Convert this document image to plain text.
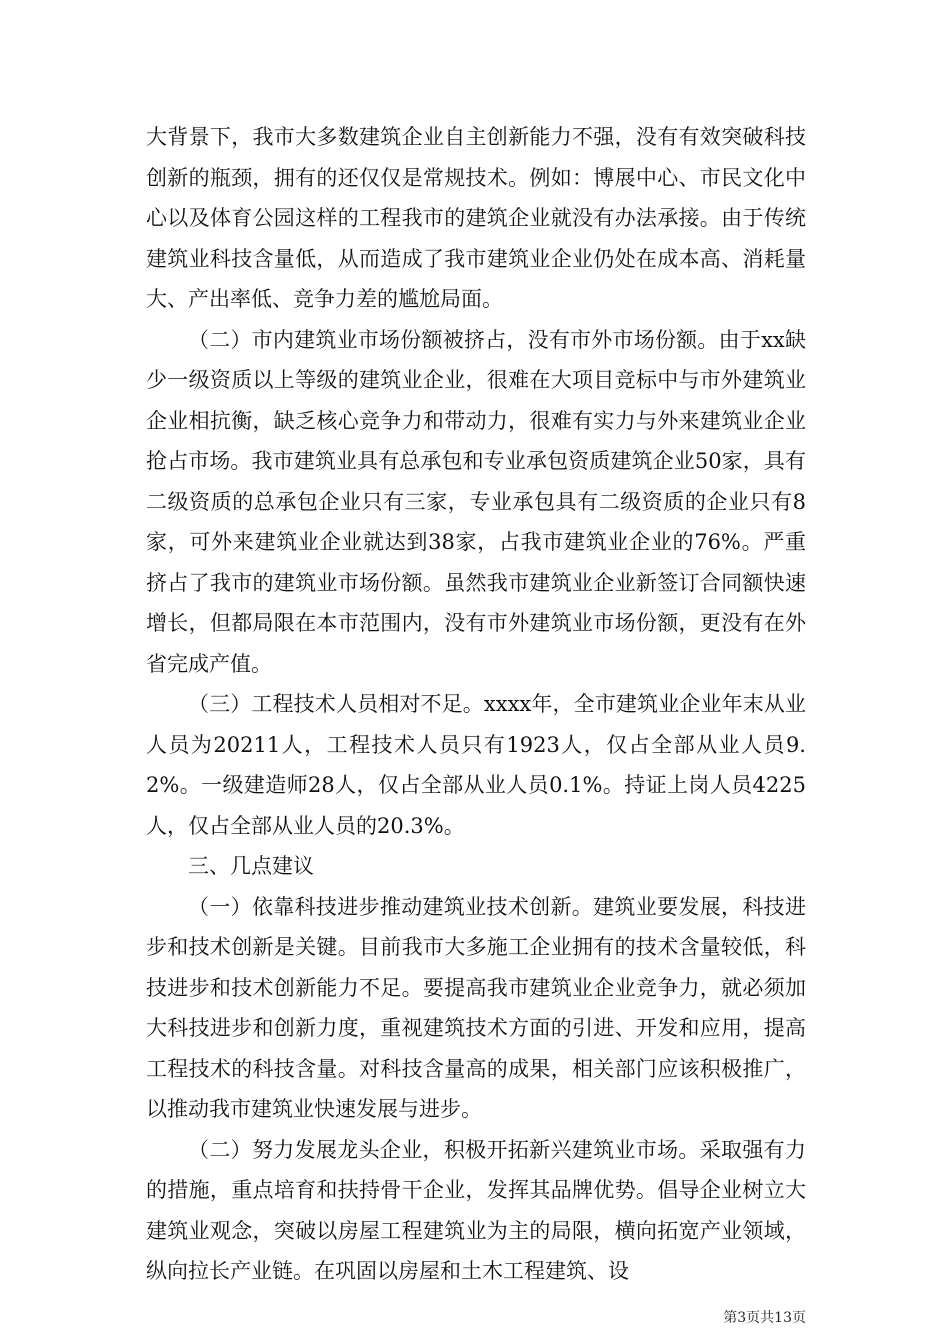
大背景下，我市大多数建筑企业自主创新能力不强，没有有效突破科技创新的瓶颈，拥有的还仅仅是常规技术。例如：博展中心、市民文化中心以及体育公园这样的工程我市的建筑企业就没有办法承接。由于传统建筑业科技含量低，从而造成了我市建筑业企业仍处在成本高、消耗量大、产出率低、竞争力差的尴尬局面。

（二）市内建筑业市场份额被挤占，没有市外市场份额。由于xx缺少一级资质以上等级的建筑业企业，很难在大项目竞标中与市外建筑业企业相抗衡，缺乏核心竞争力和带动力，很难有实力与外来建筑业企业抢占市场。我市建筑业具有总承包和专业承包资质建筑企业50家，具有二级资质的总承包企业只有三家，专业承包具有二级资质的企业只有8家，可外来建筑业企业就达到38家，占我市建筑业企业的76%。严重挤占了我市的建筑业市场份额。虽然我市建筑业企业新签订合同额快速增长，但都局限在本市范围内，没有市外建筑业市场份额，更没有在外省完成产值。

（三）工程技术人员相对不足。xxxx年，全市建筑业企业年末从业人员为20211人，工程技术人员只有1923人，仅占全部从业人员9.2%。一级建造师28人，仅占全部从业人员0.1%。持证上岗人员4225人，仅占全部从业人员的20.3%。

三、几点建议

（一）依靠科技进步推动建筑业技术创新。建筑业要发展，科技进步和技术创新是关键。目前我市大多施工企业拥有的技术含量较低，科技进步和技术创新能力不足。要提高我市建筑业企业竞争力，就必须加大科技进步和创新力度，重视建筑技术方面的引进、开发和应用，提高工程技术的科技含量。对科技含量高的成果，相关部门应该积极推广，以推动我市建筑业快速发展与进步。

（二）努力发展龙头企业，积极开拓新兴建筑业市场。采取强有力的措施，重点培育和扶持骨干企业，发挥其品牌优势。倡导企业树立大建筑业观念，突破以房屋工程建筑业为主的局限，横向拓宽产业领域，纵向拉长产业链。在巩固以房屋和土木工程建筑、设

第3页共13页
